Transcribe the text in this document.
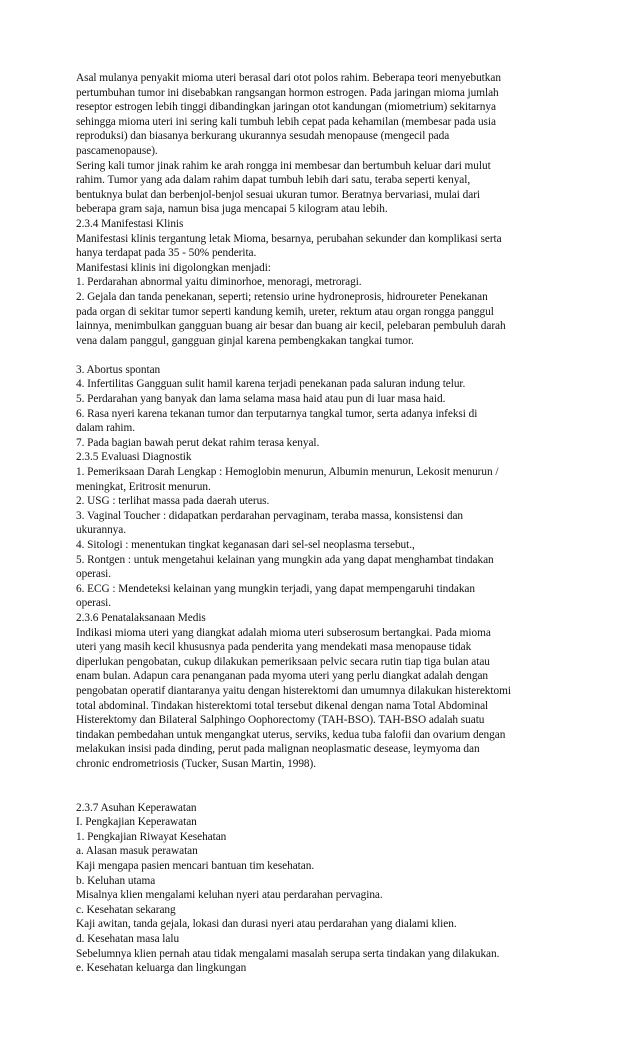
Asal mulanya penyakit mioma uteri berasal dari otot polos rahim. Beberapa teori menyebutkan
pertumbuhan tumor ini disebabkan rangsangan hormon estrogen. Pada jaringan mioma jumlah
reseptor estrogen lebih tinggi dibandingkan jaringan otot kandungan (miometrium) sekitarnya
sehingga mioma uteri ini sering kali tumbuh lebih cepat pada kehamilan (membesar pada usia
reproduksi) dan biasanya berkurang ukurannya sesudah menopause (mengecil pada
pascamenopause).
Sering kali tumor jinak rahim ke arah rongga ini membesar dan bertumbuh keluar dari mulut
rahim. Tumor yang ada dalam rahim dapat tumbuh lebih dari satu, teraba seperti kenyal,
bentuknya bulat dan berbenjol-benjol sesuai ukuran tumor. Beratnya bervariasi, mulai dari
beberapa gram saja, namun bisa juga mencapai 5 kilogram atau lebih.
2.3.4 Manifestasi Klinis
Manifestasi klinis tergantung letak Mioma, besarnya, perubahan sekunder dan komplikasi serta
hanya terdapat pada 35 - 50% penderita.
Manifestasi klinis ini digolongkan menjadi:
1. Perdarahan abnormal yaitu diminorhoe, menoragi, metroragi.
2. Gejala dan tanda penekanan, seperti; retensio urine hydroneprosis, hidroureter Penekanan
pada organ di sekitar tumor seperti kandung kemih, ureter, rektum atau organ rongga panggul
lainnya, menimbulkan gangguan buang air besar dan buang air kecil, pelebaran pembuluh darah
vena dalam panggul, gangguan ginjal karena pembengkakan tangkai tumor.
3. Abortus spontan
4. Infertilitas Gangguan sulit hamil karena terjadi penekanan pada saluran indung telur.
5. Perdarahan yang banyak dan lama selama masa haid atau pun di luar masa haid.
6. Rasa nyeri karena tekanan tumor dan terputarnya tangkal tumor, serta adanya infeksi di
dalam rahim.
7. Pada bagian bawah perut dekat rahim terasa kenyal.
2.3.5 Evaluasi Diagnostik
1. Pemeriksaan Darah Lengkap : Hemoglobin menurun, Albumin menurun, Lekosit menurun /
meningkat, Eritrosit menurun.
2. USG : terlihat massa pada daerah uterus.
3. Vaginal Toucher : didapatkan perdarahan pervaginam, teraba massa, konsistensi dan
ukurannya.
4. Sitologi : menentukan tingkat keganasan dari sel-sel neoplasma tersebut.,
5. Rontgen : untuk mengetahui kelainan yang mungkin ada yang dapat menghambat tindakan
operasi.
6. ECG : Mendeteksi kelainan yang mungkin terjadi, yang dapat mempengaruhi tindakan
operasi.
2.3.6 Penatalaksanaan Medis
Indikasi mioma uteri yang diangkat adalah mioma uteri subserosum bertangkai. Pada mioma
uteri yang masih kecil khususnya pada penderita yang mendekati masa menopause tidak
diperlukan pengobatan, cukup dilakukan pemeriksaan pelvic secara rutin tiap tiga bulan atau
enam bulan. Adapun cara penanganan pada myoma uteri yang perlu diangkat adalah dengan
pengobatan operatif diantaranya yaitu dengan histerektomi dan umumnya dilakukan histerektomi
total abdominal. Tindakan histerektomi total tersebut dikenal dengan nama Total Abdominal
Histerektomy dan Bilateral Salphingo Oophorectomy (TAH-BSO). TAH-BSO adalah suatu
tindakan pembedahan untuk mengangkat uterus, serviks, kedua tuba falofii dan ovarium dengan
melakukan insisi pada dinding, perut pada malignan neoplasmatic desease, leymyoma dan
chronic endrometriosis (Tucker, Susan Martin, 1998).
2.3.7 Asuhan Keperawatan
I. Pengkajian Keperawatan
1. Pengkajian Riwayat Kesehatan
a. Alasan masuk perawatan
Kaji mengapa pasien mencari bantuan tim kesehatan.
b. Keluhan utama
Misalnya klien mengalami keluhan nyeri atau perdarahan pervagina.
c. Kesehatan sekarang
Kaji awitan, tanda gejala, lokasi dan durasi nyeri atau perdarahan yang dialami klien.
d. Kesehatan masa lalu
Sebelumnya klien pernah atau tidak mengalami masalah serupa serta tindakan yang dilakukan.
e. Kesehatan keluarga dan lingkungan
